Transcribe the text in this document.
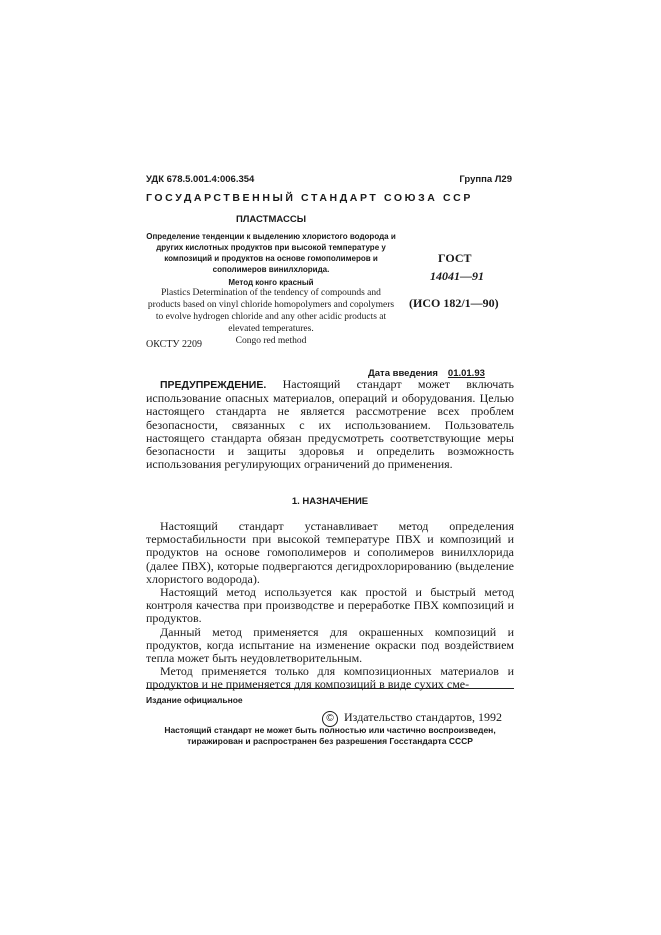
УДК 678.5.001.4:006.354	Группа Л29
ГОСУДАРСТВЕННЫЙ СТАНДАРТ СОЮЗА ССР
ПЛАСТМАССЫ
Определение тенденции к выделению хлористого водорода и других кислотных продуктов при высокой температуре у композиций и продуктов на основе гомополимеров и сополимеров винилхлорида.
Метод конго красный
Plastics Determination of the tendency of compounds and products based on vinyl chloride homopolymers and copolymers to evolve hydrogen chloride and any other acidic products at elevated temperatures.
Congo red method
ОКСТУ 2209
ГОСТ
14041—91
(ИСО 182/1—90)
Дата введения 01.01.93

ПРЕДУПРЕЖДЕНИЕ. Настоящий стандарт может включать использование опасных материалов, операций и оборудования. Целью настоящего стандарта не является рассмотрение всех проблем безопасности, связанных с их использованием. Пользователь настоящего стандарта обязан предусмотреть соответствующие меры безопасности и защиты здоровья и определить возможность использования регулирующих ограничений до применения.

1. НАЗНАЧЕНИЕ

Настоящий стандарт устанавливает метод определения термостабильности при высокой температуре ПВХ и композиций и продуктов на основе гомополимеров и сополимеров винилхлорида (далее ПВХ), которые подвергаются дегидрохлорированию (выделение хлористого водорода).

Настоящий метод используется как простой и быстрый метод контроля качества при производстве и переработке ПВХ композиций и продуктов.

Данный метод применяется для окрашенных композиций и продуктов, когда испытание на изменение окраски под воздействием тепла может быть неудовлетворительным.

Метод применяется только для композиционных материалов и продуктов и не применяется для композиций в виде сухих сме-

Издание официальное
© Издательство стандартов, 1992
Настоящий стандарт не может быть полностью или частично воспроизведен, тиражирован и распространен без разрешения Госстандарта СССР
